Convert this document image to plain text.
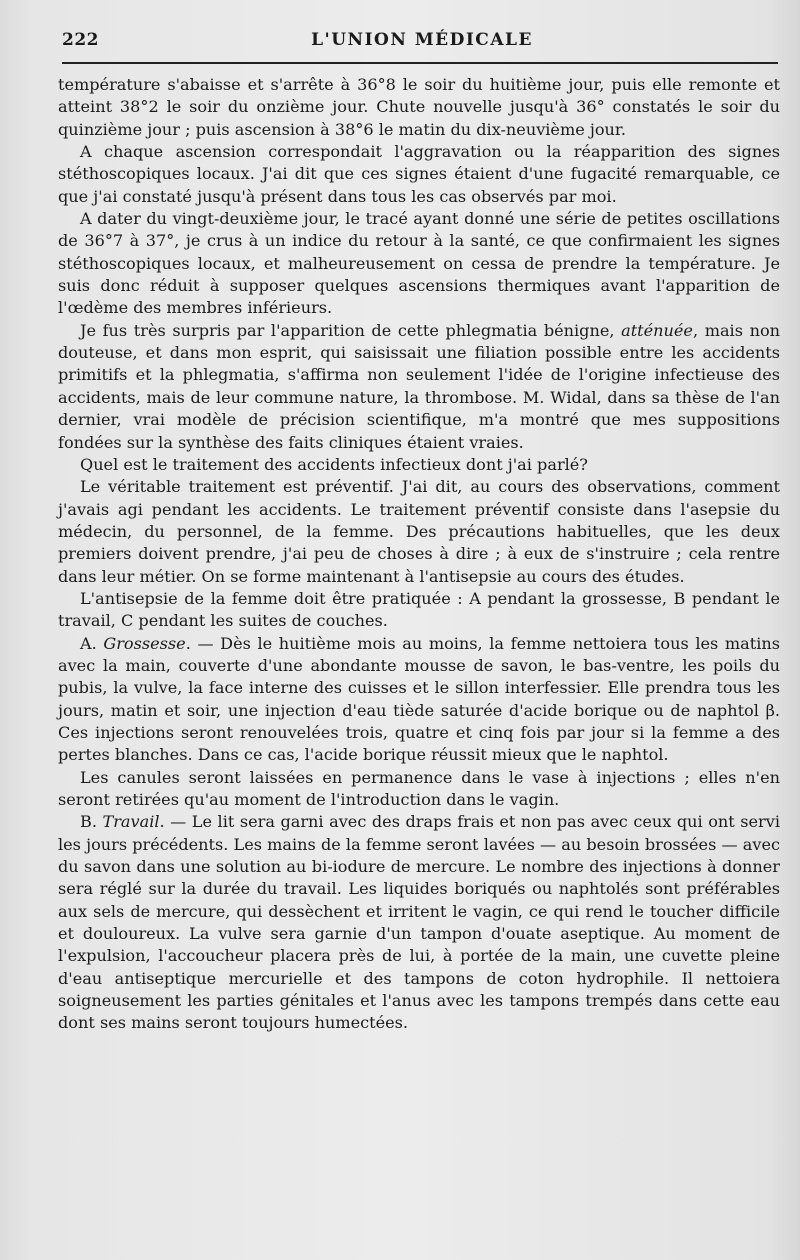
222	L'UNION MÉDICALE

température s'abaisse et s'arrête à 36°8 le soir du huitième jour, puis elle remonte et atteint 38°2 le soir du onzième jour. Chute nouvelle jusqu'à 36° constatés le soir du quinzième jour ; puis ascension à 38°6 le matin du dix-neuvième jour.

A chaque ascension correspondait l'aggravation ou la réapparition des signes stéthoscopiques locaux. J'ai dit que ces signes étaient d'une fugacité remarquable, ce que j'ai constaté jusqu'à présent dans tous les cas observés par moi.

A dater du vingt-deuxième jour, le tracé ayant donné une série de petites oscillations de 36°7 à 37°, je crus à un indice du retour à la santé, ce que confirmaient les signes stéthoscopiques locaux, et malheureusement on cessa de prendre la température. Je suis donc réduit à supposer quelques ascensions thermiques avant l'apparition de l'œdème des membres inférieurs.

Je fus très surpris par l'apparition de cette phlegmatia bénigne, atténuée, mais non douteuse, et dans mon esprit, qui saisissait une filiation possible entre les accidents primitifs et la phlegmatia, s'affirma non seulement l'idée de l'origine infectieuse des accidents, mais de leur commune nature, la thrombose. M. Widal, dans sa thèse de l'an dernier, vrai modèle de précision scientifique, m'a montré que mes suppositions fondées sur la synthèse des faits cliniques étaient vraies.

Quel est le traitement des accidents infectieux dont j'ai parlé?

Le véritable traitement est préventif. J'ai dit, au cours des observations, comment j'avais agi pendant les accidents. Le traitement préventif consiste dans l'asepsie du médecin, du personnel, de la femme. Des précautions habituelles, que les deux premiers doivent prendre, j'ai peu de choses à dire ; à eux de s'instruire ; cela rentre dans leur métier. On se forme maintenant à l'antisepsie au cours des études.

L'antisepsie de la femme doit être pratiquée : A pendant la grossesse, B pendant le travail, C pendant les suites de couches.

A. Grossesse. — Dès le huitième mois au moins, la femme nettoiera tous les matins avec la main, couverte d'une abondante mousse de savon, le bas-ventre, les poils du pubis, la vulve, la face interne des cuisses et le sillon interfessier. Elle prendra tous les jours, matin et soir, une injection d'eau tiède saturée d'acide borique ou de naphtol β. Ces injections seront renouvelées trois, quatre et cinq fois par jour si la femme a des pertes blanches. Dans ce cas, l'acide borique réussit mieux que le naphtol.

Les canules seront laissées en permanence dans le vase à injections ; elles n'en seront retirées qu'au moment de l'introduction dans le vagin.

B. Travail. — Le lit sera garni avec des draps frais et non pas avec ceux qui ont servi les jours précédents. Les mains de la femme seront lavées — au besoin brossées — avec du savon dans une solution au bi-iodure de mercure. Le nombre des injections à donner sera réglé sur la durée du travail. Les liquides boriqués ou naphtolés sont préférables aux sels de mercure, qui dessèchent et irritent le vagin, ce qui rend le toucher difficile et douloureux. La vulve sera garnie d'un tampon d'ouate aseptique. Au moment de l'expulsion, l'accoucheur placera près de lui, à portée de la main, une cuvette pleine d'eau antiseptique mercurielle et des tampons de coton hydrophile. Il nettoiera soigneusement les parties génitales et l'anus avec les tampons trempés dans cette eau dont ses mains seront toujours humectées.
